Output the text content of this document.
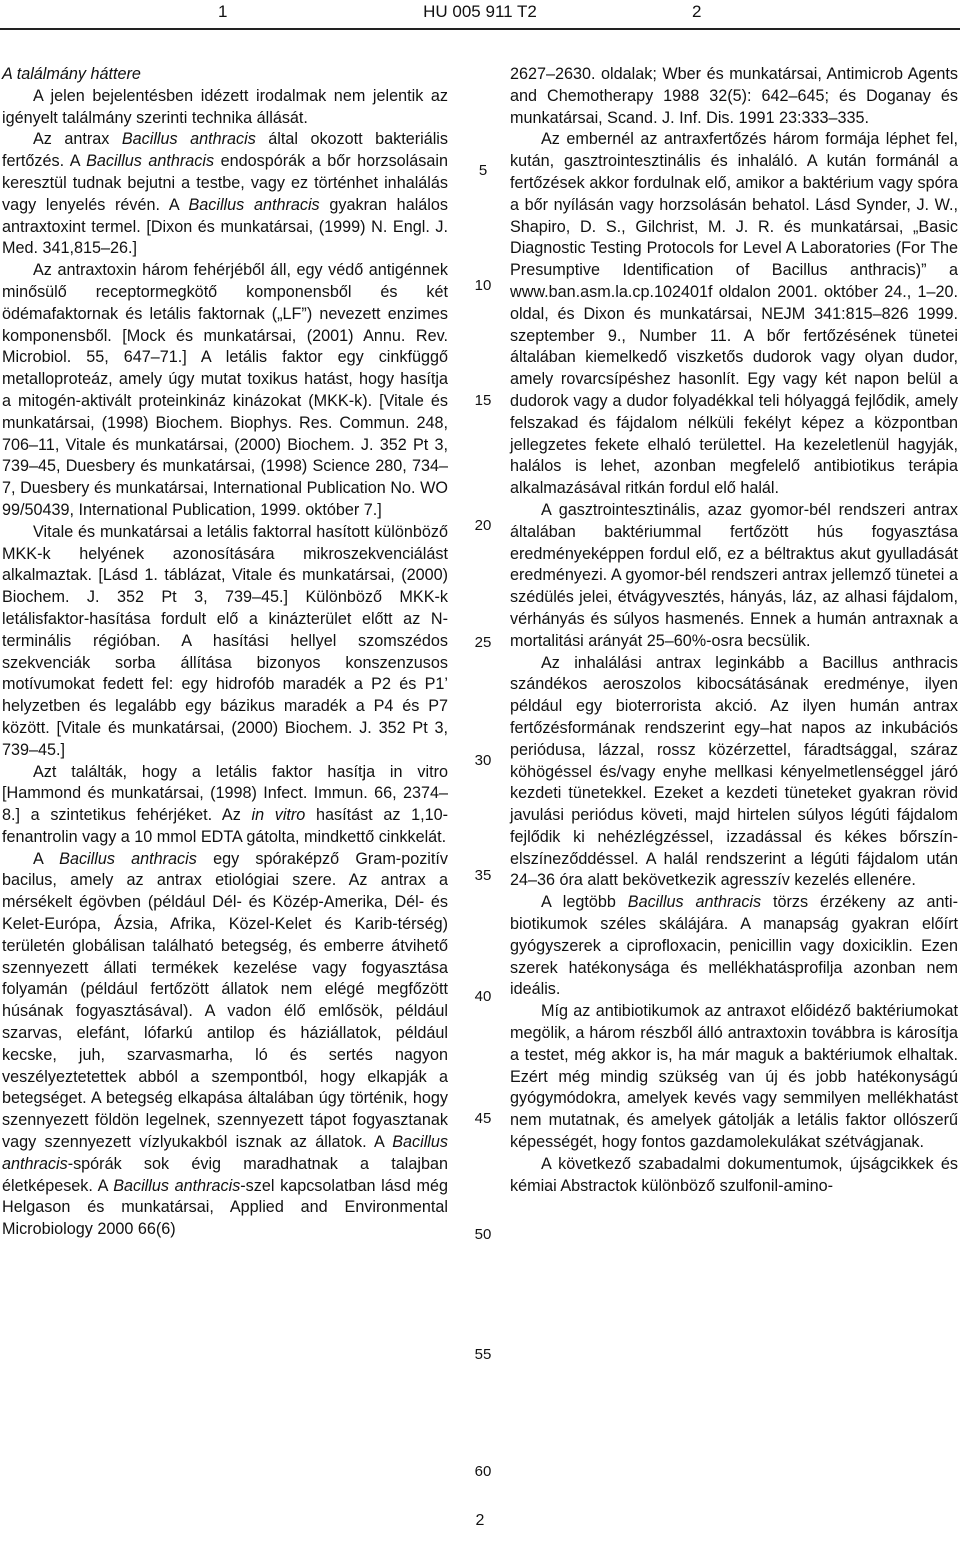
1	HU 005 911 T2	2

A találmány háttere

A jelen bejelentésben idézett irodalmak nem jelentik az igényelt találmány szerinti technika állását.

Az antrax Bacillus anthracis által okozott bakteriális fertőzés. A Bacillus anthracis endospórák a bőr horzsolásain keresztül tudnak bejutni a testbe, vagy ez történhet inhalálás vagy lenyelés révén. A Bacillus anthracis gyakran halálos antraxtoxint termel. [Dixon és munkatársai, (1999) N. Engl. J. Med. 341,815–26.]

Az antraxtoxin három fehérjéből áll, egy védő antigénnek minősülő receptormegkötő komponensből és két ödémafaktornak és letális faktornak („LF”) nevezett enzimes komponensből. [Mock és munkatársai, (2001) Annu. Rev. Microbiol. 55, 647–71.] A letális faktor egy cinkfüggő metalloproteáz, amely úgy mutat toxikus hatást, hogy hasítja a mitogén-aktivált proteinkináz kinázokat (MKK-k). [Vitale és munkatársai, (1998) Biochem. Biophys. Res. Commun. 248, 706–11, Vitale és munkatársai, (2000) Biochem. J. 352 Pt 3, 739–45, Duesbery és munkatársai, (1998) Science 280, 734–7, Duesbery és munkatársai, International Publication No. WO 99/50439, International Publication, 1999. október 7.]

Vitale és munkatársai a letális faktorral hasított különböző MKK-k helyének azonosítására mikroszekvenciálást alkalmaztak. [Lásd 1. táblázat, Vitale és munkatársai, (2000) Biochem. J. 352 Pt 3, 739–45.] Különböző MKK-k letálisfaktor-hasítása fordult elő a kinázterület előtt az N-terminális régióban. A hasítási hellyel szomszédos szekvenciák sorba állítása bizonyos konszenzusos motívumokat fedett fel: egy hidrofób maradék a P2 és P1’ helyzetben és legalább egy bázikus maradék a P4 és P7 között. [Vitale és munkatársai, (2000) Biochem. J. 352 Pt 3, 739–45.]

Azt találták, hogy a letális faktor hasítja in vitro [Hammond és munkatársai, (1998) Infect. Immun. 66, 2374–8.] a szintetikus fehérjéket. Az in vitro hasítást az 1,10-fenantrolin vagy a 10 mmol EDTA gátolta, mindkettő cinkkelát.

A Bacillus anthracis egy spóraképző Gram-pozitív bacilus, amely az antrax etiológiai szere. Az antrax a mérsékelt égövben (például Dél- és Közép-Amerika, Dél- és Kelet-Európa, Ázsia, Afrika, Közel-Kelet és Karib-térség) területén globálisan található betegség, és emberre átvihető szennyezett állati termékek kezelése vagy fogyasztása folyamán (például fertőzött állatok nem elégé megfőzött húsának fogyasztásával). A vadon élő emlősök, például szarvas, elefánt, lófarkú antilop és háziállatok, például kecske, juh, szarvasmarha, ló és sertés nagyon veszélyeztetettek abból a szempontból, hogy elkapják a betegséget. A betegség elkapása általában úgy történik, hogy szennyezett földön legelnek, szennyezett tápot fogyasztanak vagy szennyezett vízlyukakból isznak az állatok. A Bacillus anthracis-spórák sok évig maradhatnak a talajban életképesek. A Bacillus anthracis-szel kapcsolatban lásd még Helgason és munkatársai, Applied and Environmental Microbiology 2000 66(6)

2627–2630. oldalak; Wber és munkatársai, Antimicrob Agents and Chemotherapy 1988 32(5): 642–645; és Doganay és munkatársai, Scand. J. Inf. Dis. 1991 23:333–335.

Az embernél az antraxfertőzés három formája léphet fel, kután, gasztrointesztinális és inhaláló. A kután formánál a fertőzések akkor fordulnak elő, amikor a baktérium vagy spóra a bőr nyílásán vagy horzsolásán behatol. Lásd Synder, J. W., Shapiro, D. S., Gilchrist, M. J. R. és munkatársai, „Basic Diagnostic Testing Protocols for Level A Laboratories (For The Presumptive Identification of Bacillus anthracis)” a www.ban.asm.la.cp.102401f oldalon 2001. október 24., 1–20. oldal, és Dixon és munkatársai, NEJM 341:815–826 1999. szeptember 9., Number 11. A bőr fertőzésének tünetei általában kiemelkedő viszketős dudorok vagy olyan dudor, amely rovarcsípéshez hasonlít. Egy vagy két napon belül a dudorok vagy a dudor folyadékkal teli hólyaggá fejlődik, amely felszakad és fájdalom nélküli fekélyt képez a központban jellegzetes fekete elhaló területtel. Ha kezeletlenül hagyják, halálos is lehet, azonban megfelelő antibiotikus terápia alkalmazásával ritkán fordul elő halál.

A gasztrointesztinális, azaz gyomor-bél rendszeri antrax általában baktériummal fertőzött hús fogyasztása eredményeképpen fordul elő, ez a béltraktus akut gyulladását eredményezi. A gyomor-bél rendszeri antrax jellemző tünetei a szédülés jelei, étvágyvesztés, hányás, láz, az alhasi fájdalom, vérhányás és súlyos hasmenés. Ennek a humán antraxnak a mortalitási arányát 25–60%-osra becsülik.

Az inhalálási antrax leginkább a Bacillus anthracis szándékos aeroszolos kibocsátásának eredménye, ilyen például egy bioterrorista akció. Az ilyen humán antrax fertőzésformának rendszerint egy–hat napos az inkubációs periódusa, lázzal, rossz közérzettel, fáradtsággal, száraz köhögéssel és/vagy enyhe mellkasi kényelmetlenséggel járó kezdeti tünetekkel. Ezeket a kezdeti tüneteket gyakran rövid javulási periódus követi, majd hirtelen súlyos légúti fájdalom fejlődik ki nehézlégzéssel, izzadással és kékes bőrszín-elszíneződdéssel. A halál rendszerint a légúti fájdalom után 24–36 óra alatt bekövetkezik agresszív kezelés ellenére.

A legtöbb Bacillus anthracis törzs érzékeny az antibiotikumok széles skálájára. A manapság gyakran előírt gyógyszerek a ciprofloxacin, penicillin vagy doxiciklin. Ezen szerek hatékonysága és mellékhatásprofilja azonban nem ideális.

Míg az antibiotikumok az antraxot előidéző baktériumokat megölik, a három részből álló antraxtoxin továbbra is károsítja a testet, még akkor is, ha már maguk a baktériumok elhaltak. Ezért még mindig szükség van új és jobb hatékonyságú gyógymódokra, amelyek kevés vagy semmilyen mellékhatást nem mutatnak, és amelyek gátolják a letális faktor ollószerű képességét, hogy fontos gazdamolekulákat szétvágjanak.

A következő szabadalmi dokumentumok, újságcikkek és kémiai Abstractok különböző szulfonil-amino-

5
10
15
20
25
30
35
40
45
50
55
60
2
